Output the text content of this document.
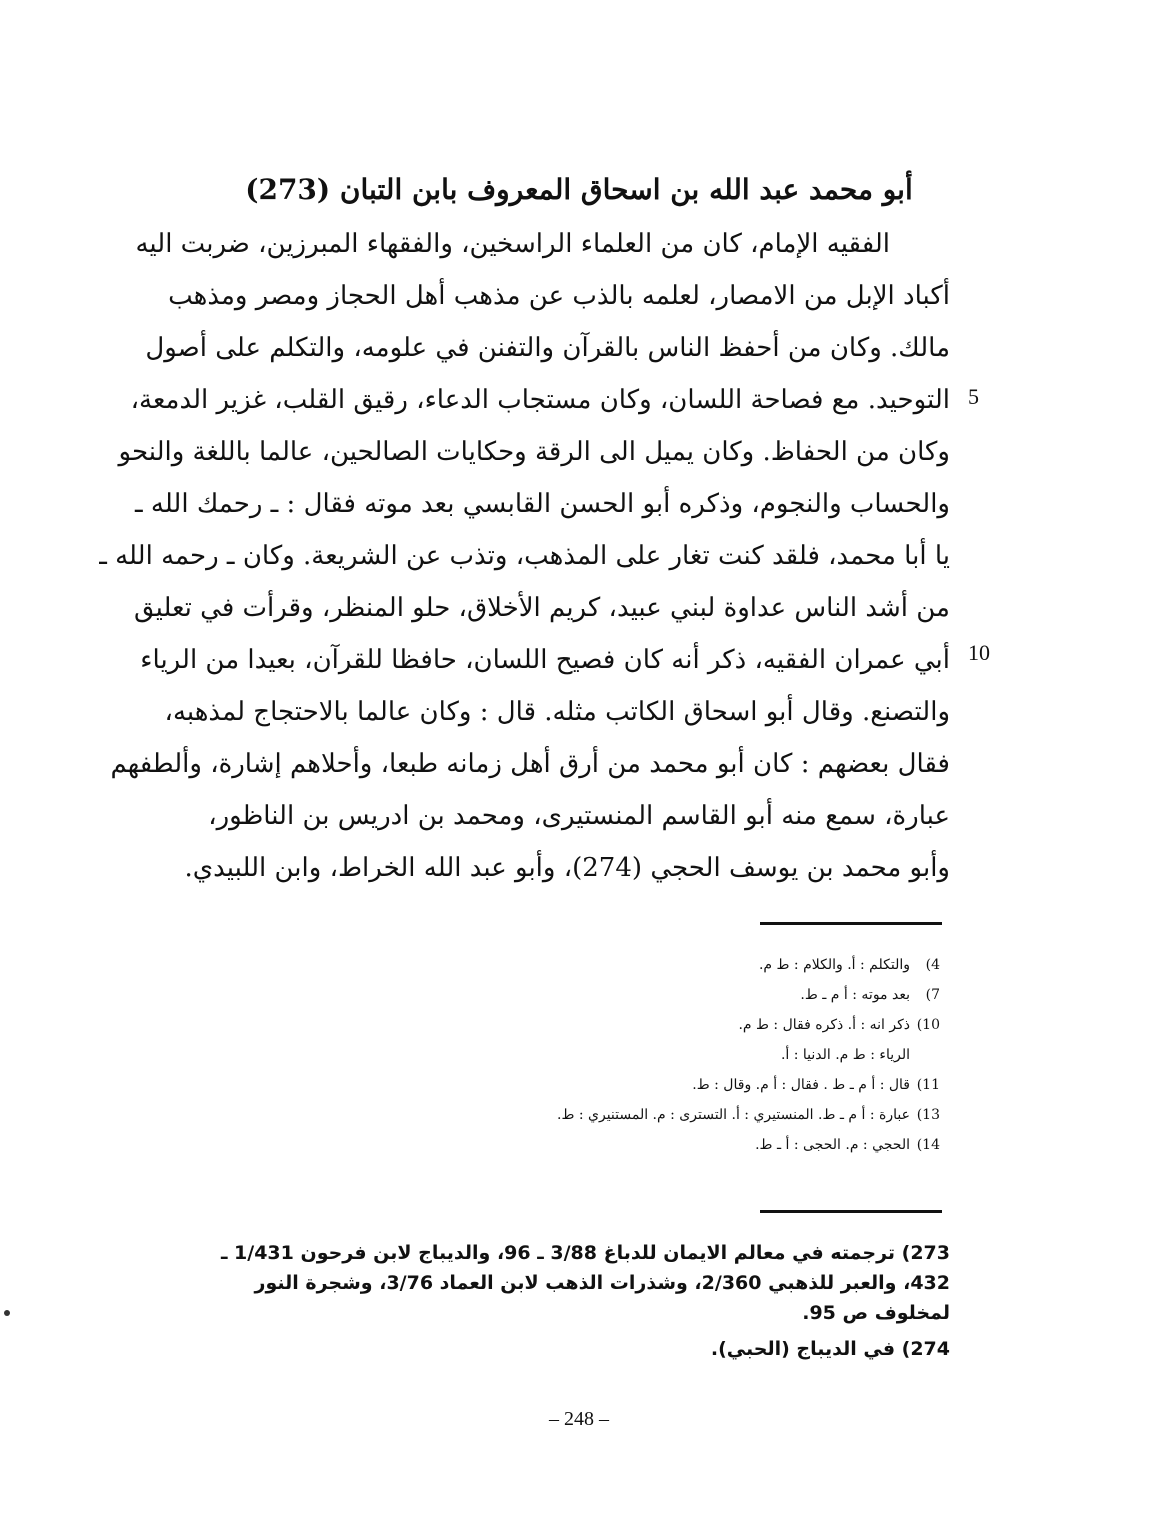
أبو محمد عبد الله بن اسحاق المعروف بابن التبان (273)
الفقيه الإمام، كان من العلماء الراسخين، والفقهاء المبرزين، ضربت اليه
أكباد الإبل من الامصار، لعلمه بالذب عن مذهب أهل الحجاز ومصر ومذهب
مالك. وكان من أحفظ الناس بالقرآن والتفنن في علومه، والتكلم على أصول
التوحيد. مع فصاحة اللسان، وكان مستجاب الدعاء، رقيق القلب، غزير الدمعة،
وكان من الحفاظ. وكان يميل الى الرقة وحكايات الصالحين، عالما باللغة والنحو
والحساب والنجوم، وذكره أبو الحسن القابسي بعد موته فقال : ـ رحمك الله ـ
يا أبا محمد، فلقد كنت تغار على المذهب، وتذب عن الشريعة. وكان ـ رحمه الله ـ
من أشد الناس عداوة لبني عبيد، كريم الأخلاق، حلو المنظر، وقرأت في تعليق
أبي عمران الفقيه، ذكر أنه كان فصيح اللسان، حافظا للقرآن، بعيدا من الرياء
والتصنع. وقال أبو اسحاق الكاتب مثله. قال : وكان عالما بالاحتجاج لمذهبه،
فقال بعضهم : كان أبو محمد من أرق أهل زمانه طبعا، وأحلاهم إشارة، وألطفهم
عبارة، سمع منه أبو القاسم المنستيرى، ومحمد بن ادريس بن الناظور،
وأبو محمد بن يوسف الحجي (274)، وأبو عبد الله الخراط، وابن اللبيدي.
5
10
4)والتكلم : أ. والكلام : ط م.
7)بعد موته : أ م ـ ط.
10)ذكر انه : أ. ذكره فقال : ط م.
الرياء : ط م. الدنيا : أ.
11)قال : أ م ـ ط . فقال : أ م. وقال : ط.
13)عبارة : أ م ـ ط. المنستيري : أ. التسترى : م. المستنيري : ط.
14)الحجي : م. الحجى : أ ـ ط.
273) ترجمته في معالم الايمان للدباغ 3/88 ـ 96، والديباج لابن فرحون 1/431 ـ 432، والعبر للذهبي 2/360، وشذرات الذهب لابن العماد 3/76، وشجرة النور لمخلوف ص 95.
274) في الديباج (الحبي).
– 248 –
